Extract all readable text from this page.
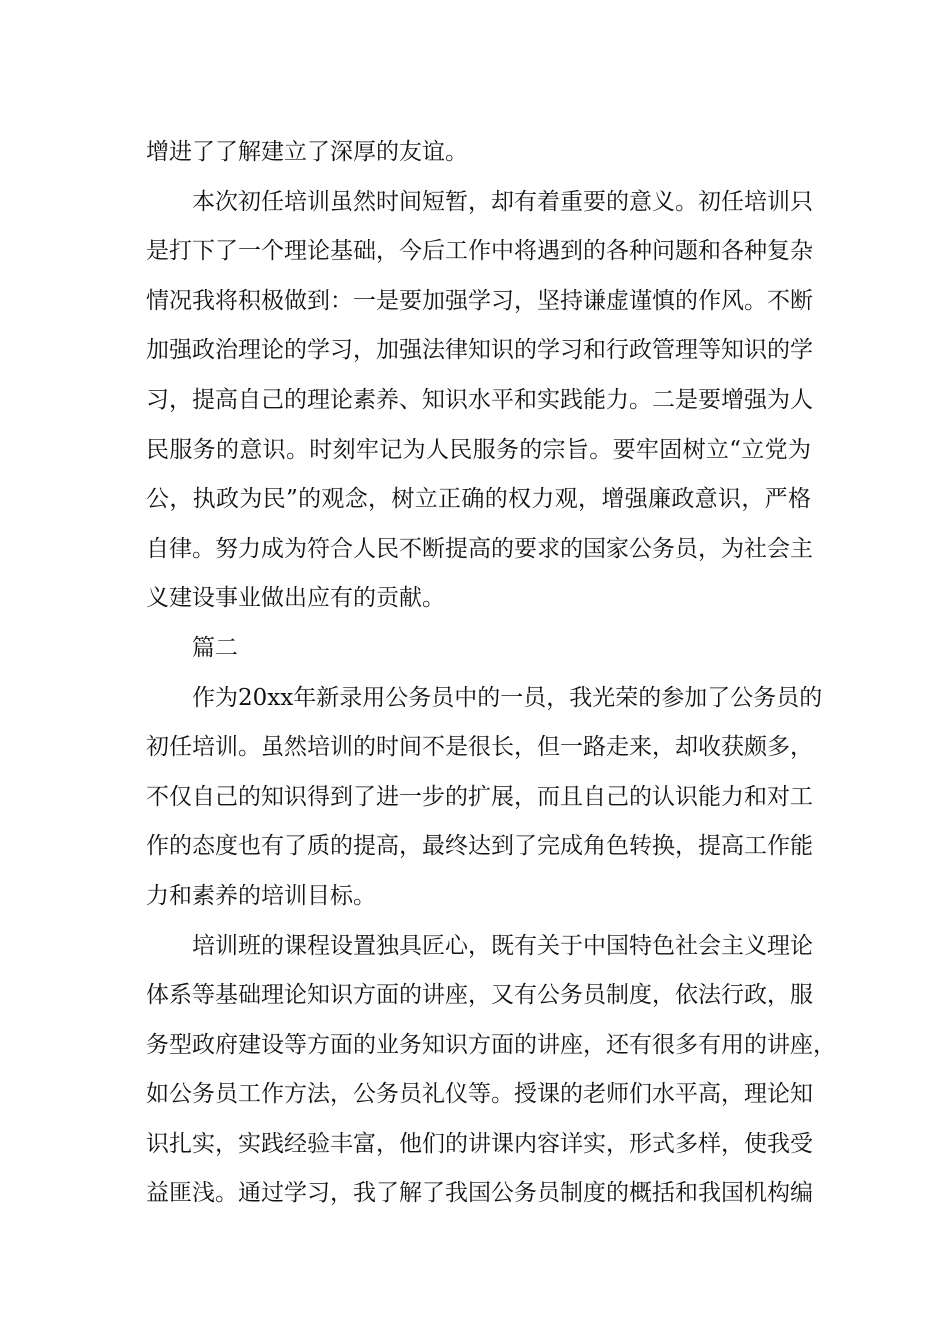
增进了了解建立了深厚的友谊。
本次初任培训虽然时间短暂，却有着重要的意义。初任培训只
是打下了一个理论基础，今后工作中将遇到的各种问题和各种复杂
情况我将积极做到：一是要加强学习，坚持谦虚谨慎的作风。不断
加强政治理论的学习，加强法律知识的学习和行政管理等知识的学
习，提高自己的理论素养、知识水平和实践能力。二是要增强为人
民服务的意识。时刻牢记为人民服务的宗旨。要牢固树立“立党为
公，执政为民”的观念，树立正确的权力观，增强廉政意识，严格
自律。努力成为符合人民不断提高的要求的国家公务员，为社会主
义建设事业做出应有的贡献。
篇二
作为20xx年新录用公务员中的一员，我光荣的参加了公务员的
初任培训。虽然培训的时间不是很长，但一路走来，却收获颇多，
不仅自己的知识得到了进一步的扩展，而且自己的认识能力和对工
作的态度也有了质的提高，最终达到了完成角色转换，提高工作能
力和素养的培训目标。
培训班的课程设置独具匠心，既有关于中国特色社会主义理论
体系等基础理论知识方面的讲座，又有公务员制度，依法行政，服
务型政府建设等方面的业务知识方面的讲座，还有很多有用的讲座，
如公务员工作方法，公务员礼仪等。授课的老师们水平高，理论知
识扎实，实践经验丰富，他们的讲课内容详实，形式多样，使我受
益匪浅。通过学习，我了解了我国公务员制度的概括和我国机构编
